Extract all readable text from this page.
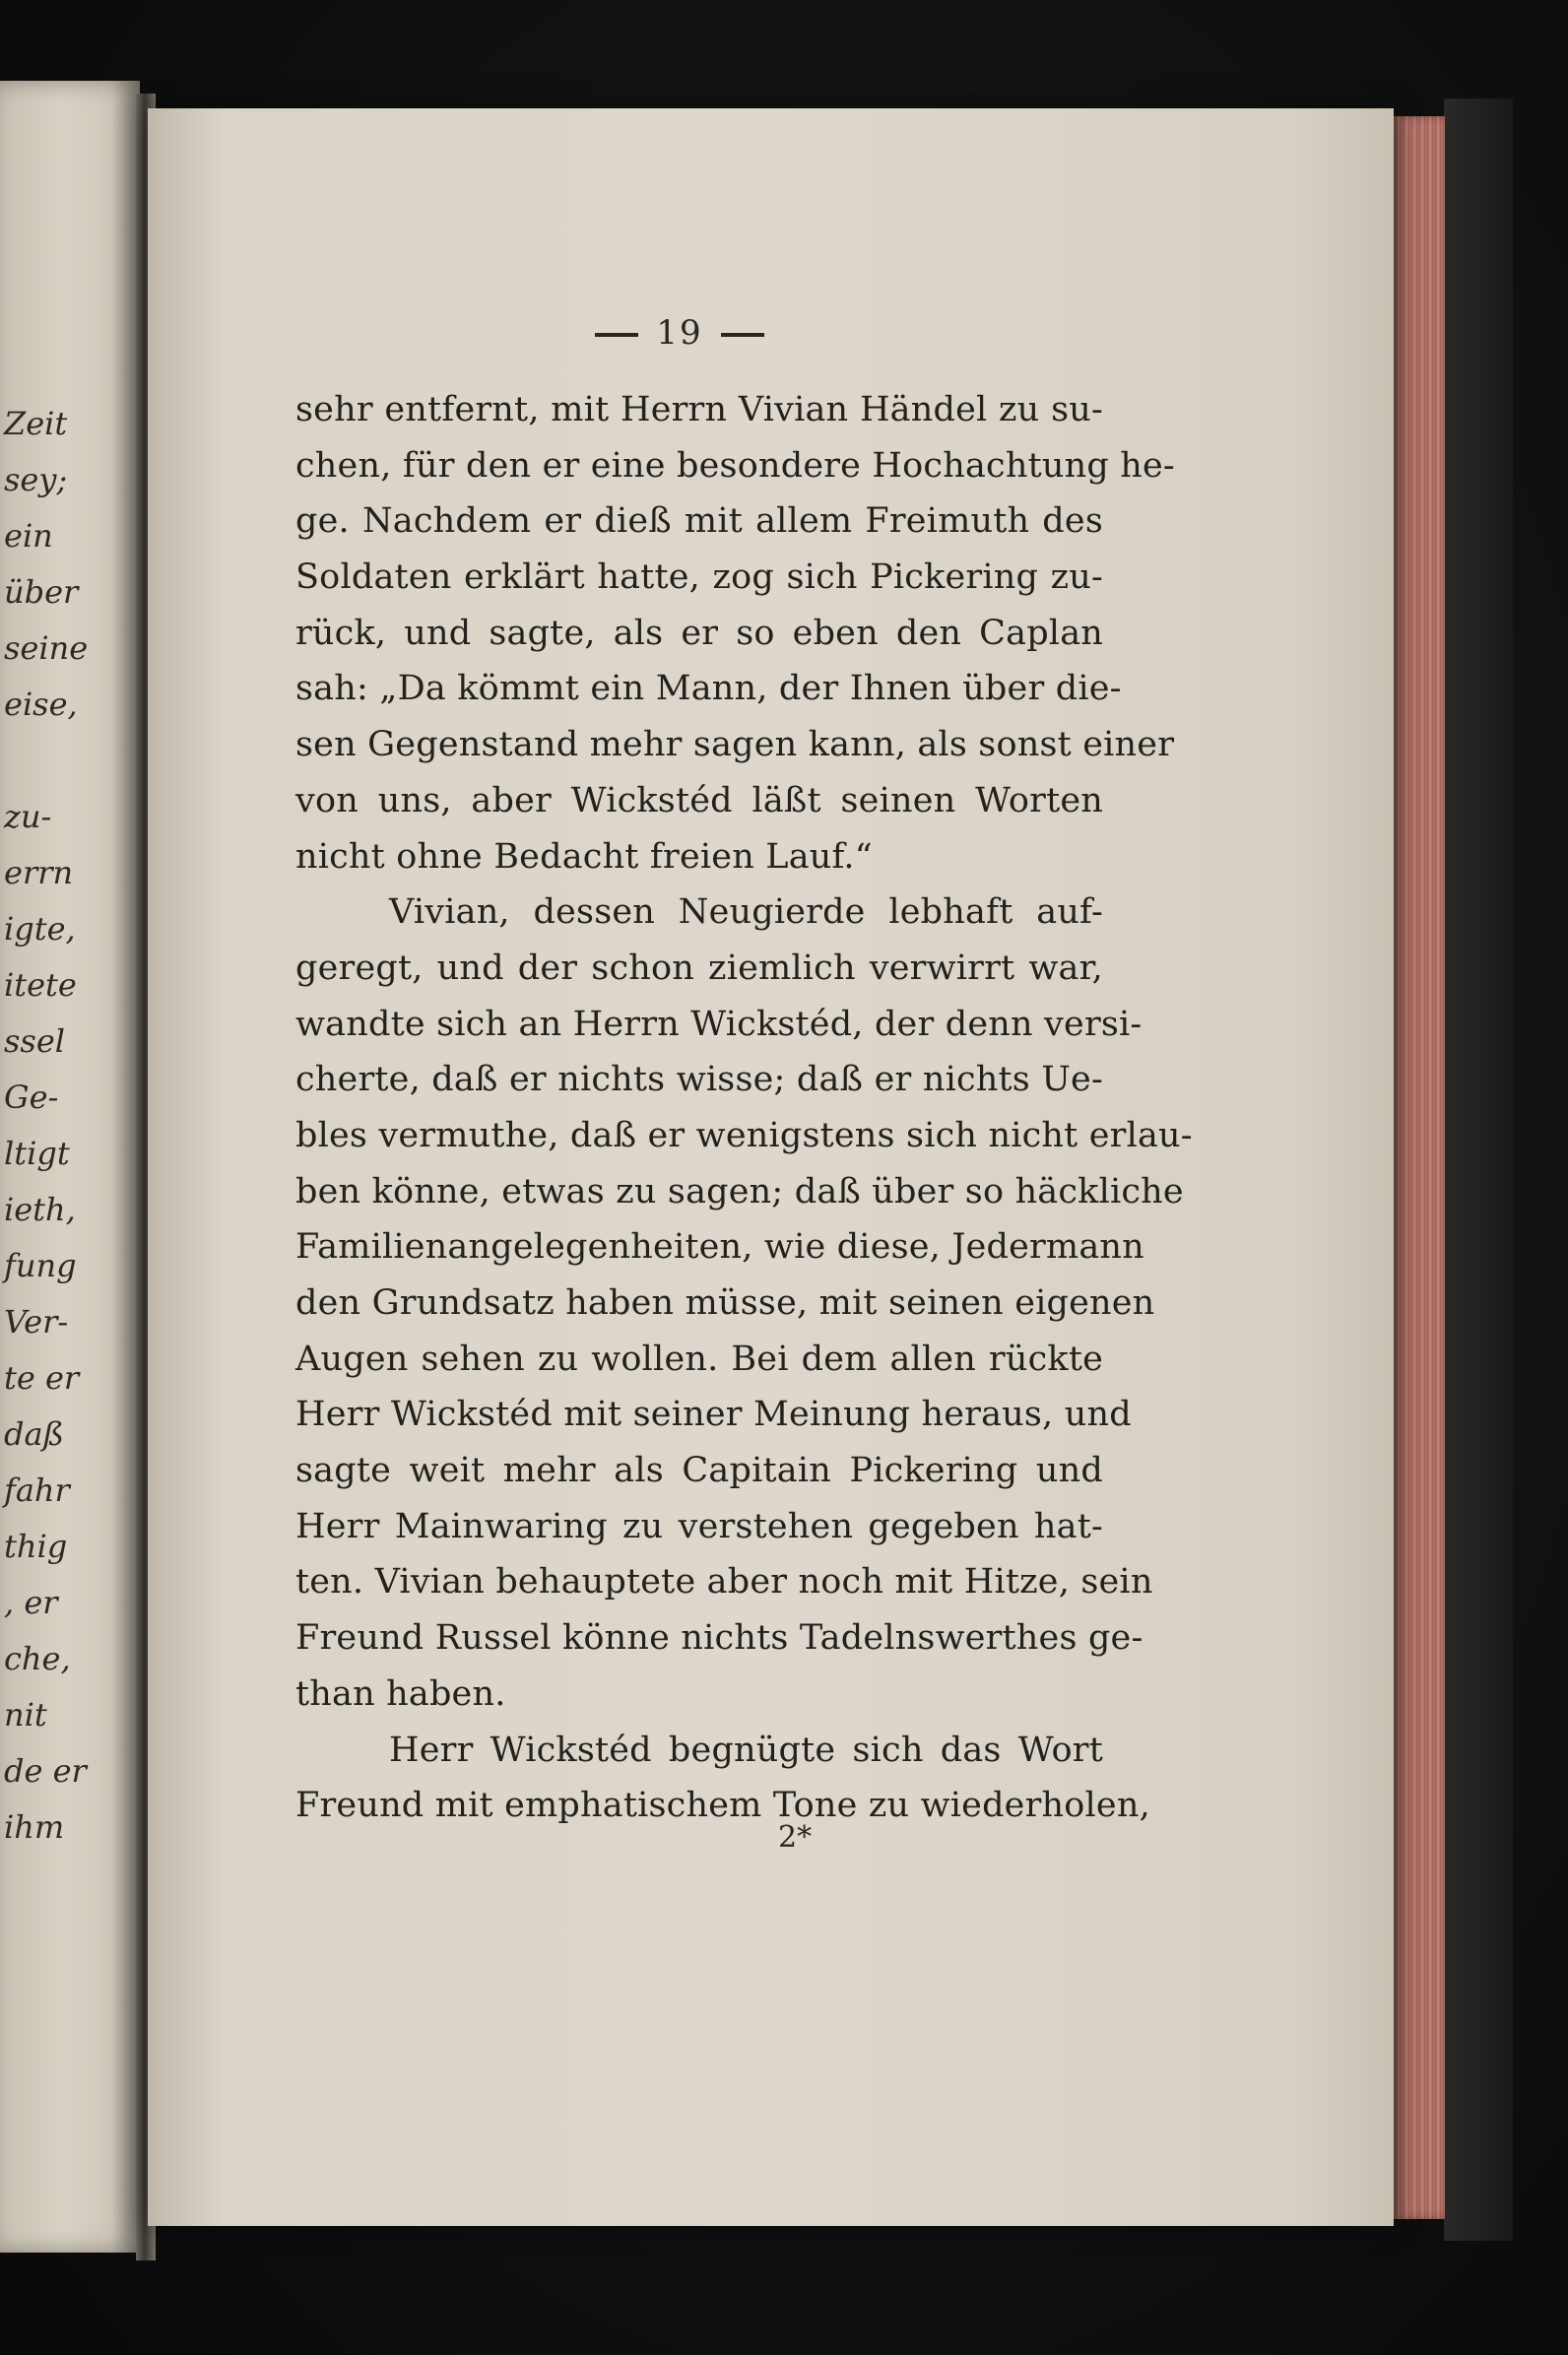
Zeit
sey;
ein
über
seine
eise,
zu-
errn
igte,
itete
ssel
Ge-
ltigt
ieth,
fung
Ver-
te er
daß
fahr
thig
, er
che,
nit
de er
ihm
19
sehr entfernt, mit Herrn Vivian Händel zu su-
chen, für den er eine besondere Hochachtung he-
ge. Nachdem er dieß mit allem Freimuth des
Soldaten erklärt hatte, zog sich Pickering zu-
rück, und sagte, als er so eben den Caplan
sah: „Da kömmt ein Mann, der Ihnen über die-
sen Gegenstand mehr sagen kann, als sonst einer
von uns, aber Wickstéd läßt seinen Worten
nicht ohne Bedacht freien Lauf.“
Vivian, dessen Neugierde lebhaft auf-
geregt, und der schon ziemlich verwirrt war,
wandte sich an Herrn Wickstéd, der denn versi-
cherte, daß er nichts wisse; daß er nichts Ue-
bles vermuthe, daß er wenigstens sich nicht erlau-
ben könne, etwas zu sagen; daß über so häckliche
Familienangelegenheiten, wie diese, Jedermann
den Grundsatz haben müsse, mit seinen eigenen
Augen sehen zu wollen. Bei dem allen rückte
Herr Wickstéd mit seiner Meinung heraus, und
sagte weit mehr als Capitain Pickering und
Herr Mainwaring zu verstehen gegeben hat-
ten. Vivian behauptete aber noch mit Hitze, sein
Freund Russel könne nichts Tadelnswerthes ge-
than haben.
Herr Wickstéd begnügte sich das Wort
Freund mit emphatischem Tone zu wiederholen,
2*
